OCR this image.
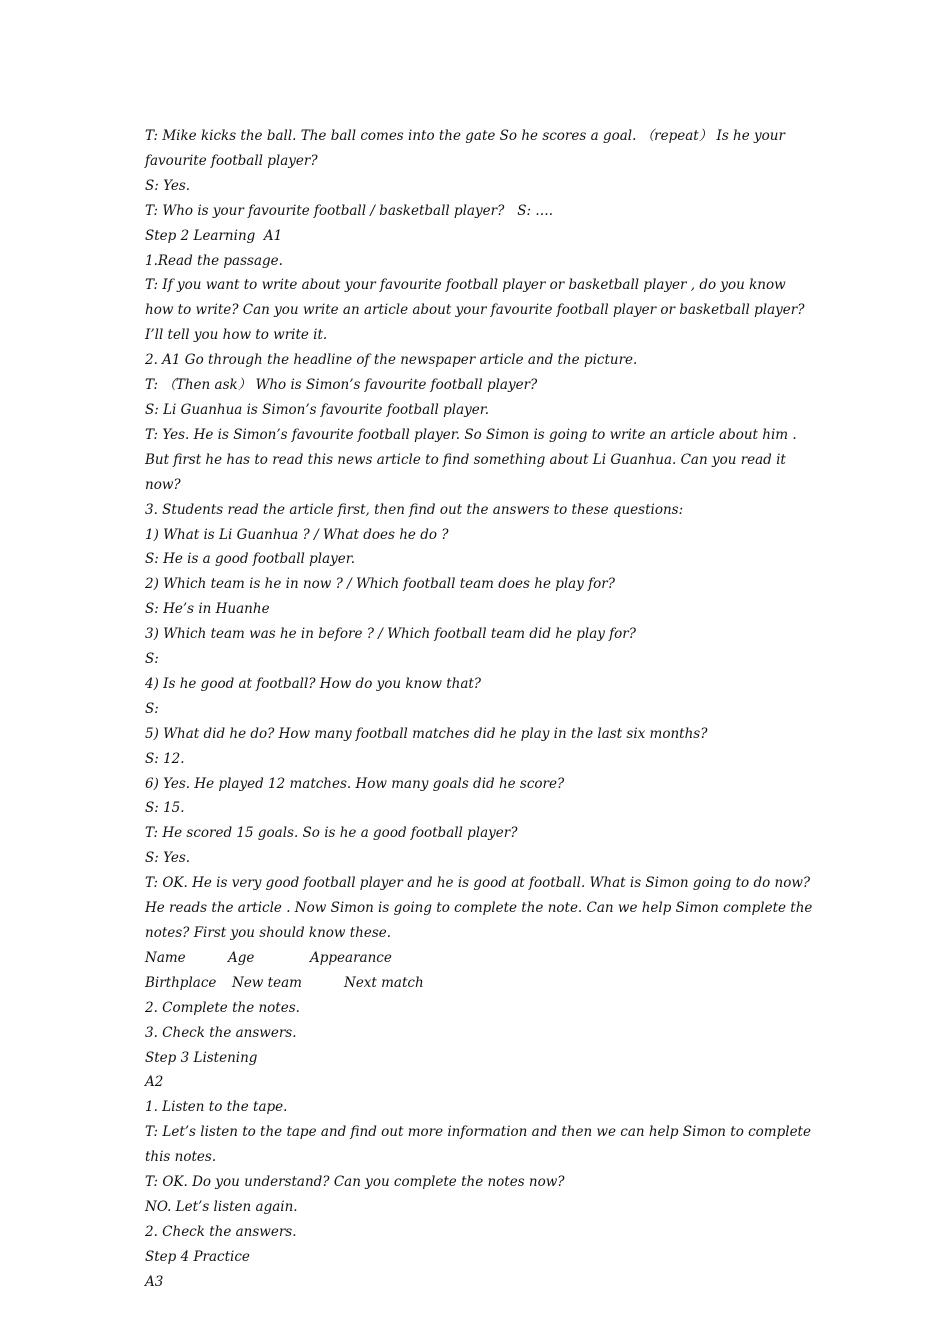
T: Mike kicks the ball. The ball comes into the gate So he scores a goal. （repeat） Is he your favourite football player?

S: Yes.

T: Who is your favourite football / basketball player?   S: ….

Step 2 Learning  A1

1.Read the passage.

T: If you want to write about your favourite football player or basketball player , do you know how to write? Can you write an article about your favourite football player or basketball player? I’ll tell you how to write it.

2. A1 Go through the headline of the newspaper article and the picture.

T: （Then ask） Who is Simon’s favourite football player?

S: Li Guanhua is Simon’s favourite football player.

T: Yes. He is Simon’s favourite football player. So Simon is going to write an article about him . But first he has to read this news article to find something about Li Guanhua. Can you read it now?

3. Students read the article first, then find out the answers to these questions:

1) What is Li Guanhua ? / What does he do ?

S: He is a good football player.

2) Which team is he in now ? / Which football team does he play for?

S: He’s in Huanhe

3) Which team was he in before ? / Which football team did he play for?

S:

4) Is he good at football? How do you know that?

S:

5) What did he do? How many football matches did he play in the last six months?

S: 12.

6) Yes. He played 12 matches. How many goals did he score?

S: 15.

T: He scored 15 goals. So is he a good football player?

S: Yes.

T: OK. He is very good football player and he is good at football. What is Simon going to do now? He reads the article . Now Simon is going to complete the note. Can we help Simon complete the notes? First you should know these.

Name	Age	Appearance
Birthplace	New team	Next match

2. Complete the notes.

3. Check the answers.

Step 3 Listening

A2

1. Listen to the tape.

T: Let’s listen to the tape and find out more information and then we can help Simon to complete this notes.

T: OK. Do you understand? Can you complete the notes now?

NO. Let’s listen again.

2. Check the answers.

Step 4 Practice

A3
